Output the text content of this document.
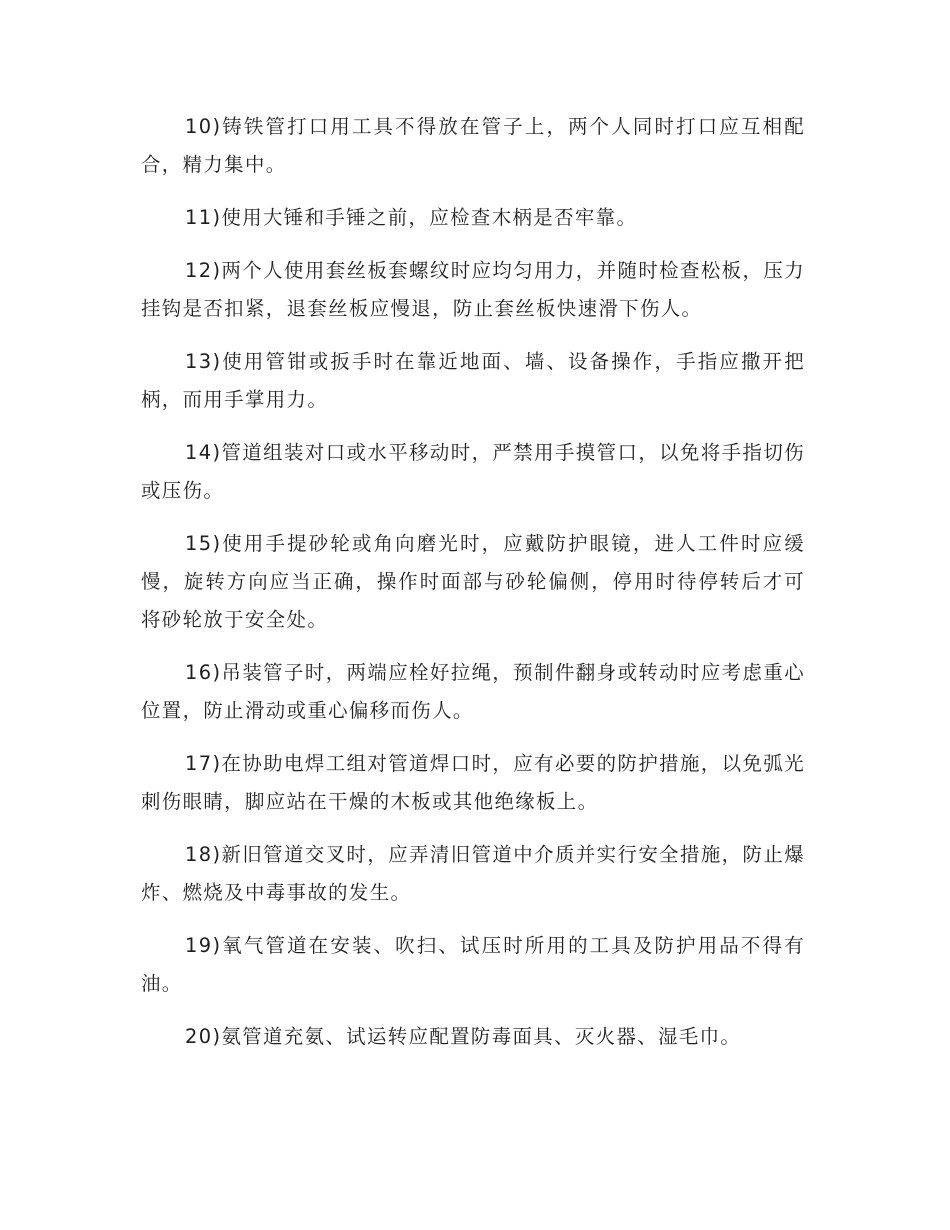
10)铸铁管打口用工具不得放在管子上，两个人同时打口应互相配合，精力集中。

11)使用大锤和手锤之前，应检查木柄是否牢靠。

12)两个人使用套丝板套螺纹时应均匀用力，并随时检查松板，压力挂钩是否扣紧，退套丝板应慢退，防止套丝板快速滑下伤人。

13)使用管钳或扳手时在靠近地面、墙、设备操作，手指应撒开把柄，而用手掌用力。

14)管道组装对口或水平移动时，严禁用手摸管口，以免将手指切伤或压伤。

15)使用手提砂轮或角向磨光时，应戴防护眼镜，进人工件时应缓慢，旋转方向应当正确，操作时面部与砂轮偏侧，停用时待停转后才可将砂轮放于安全处。

16)吊装管子时，两端应栓好拉绳，预制件翻身或转动时应考虑重心位置，防止滑动或重心偏移而伤人。

17)在协助电焊工组对管道焊口时，应有必要的防护措施，以免弧光刺伤眼睛，脚应站在干燥的木板或其他绝缘板上。

18)新旧管道交叉时，应弄清旧管道中介质并实行安全措施，防止爆炸、燃烧及中毒事故的发生。

19)氧气管道在安装、吹扫、试压时所用的工具及防护用品不得有油。

20)氨管道充氨、试运转应配置防毒面具、灭火器、湿毛巾。
